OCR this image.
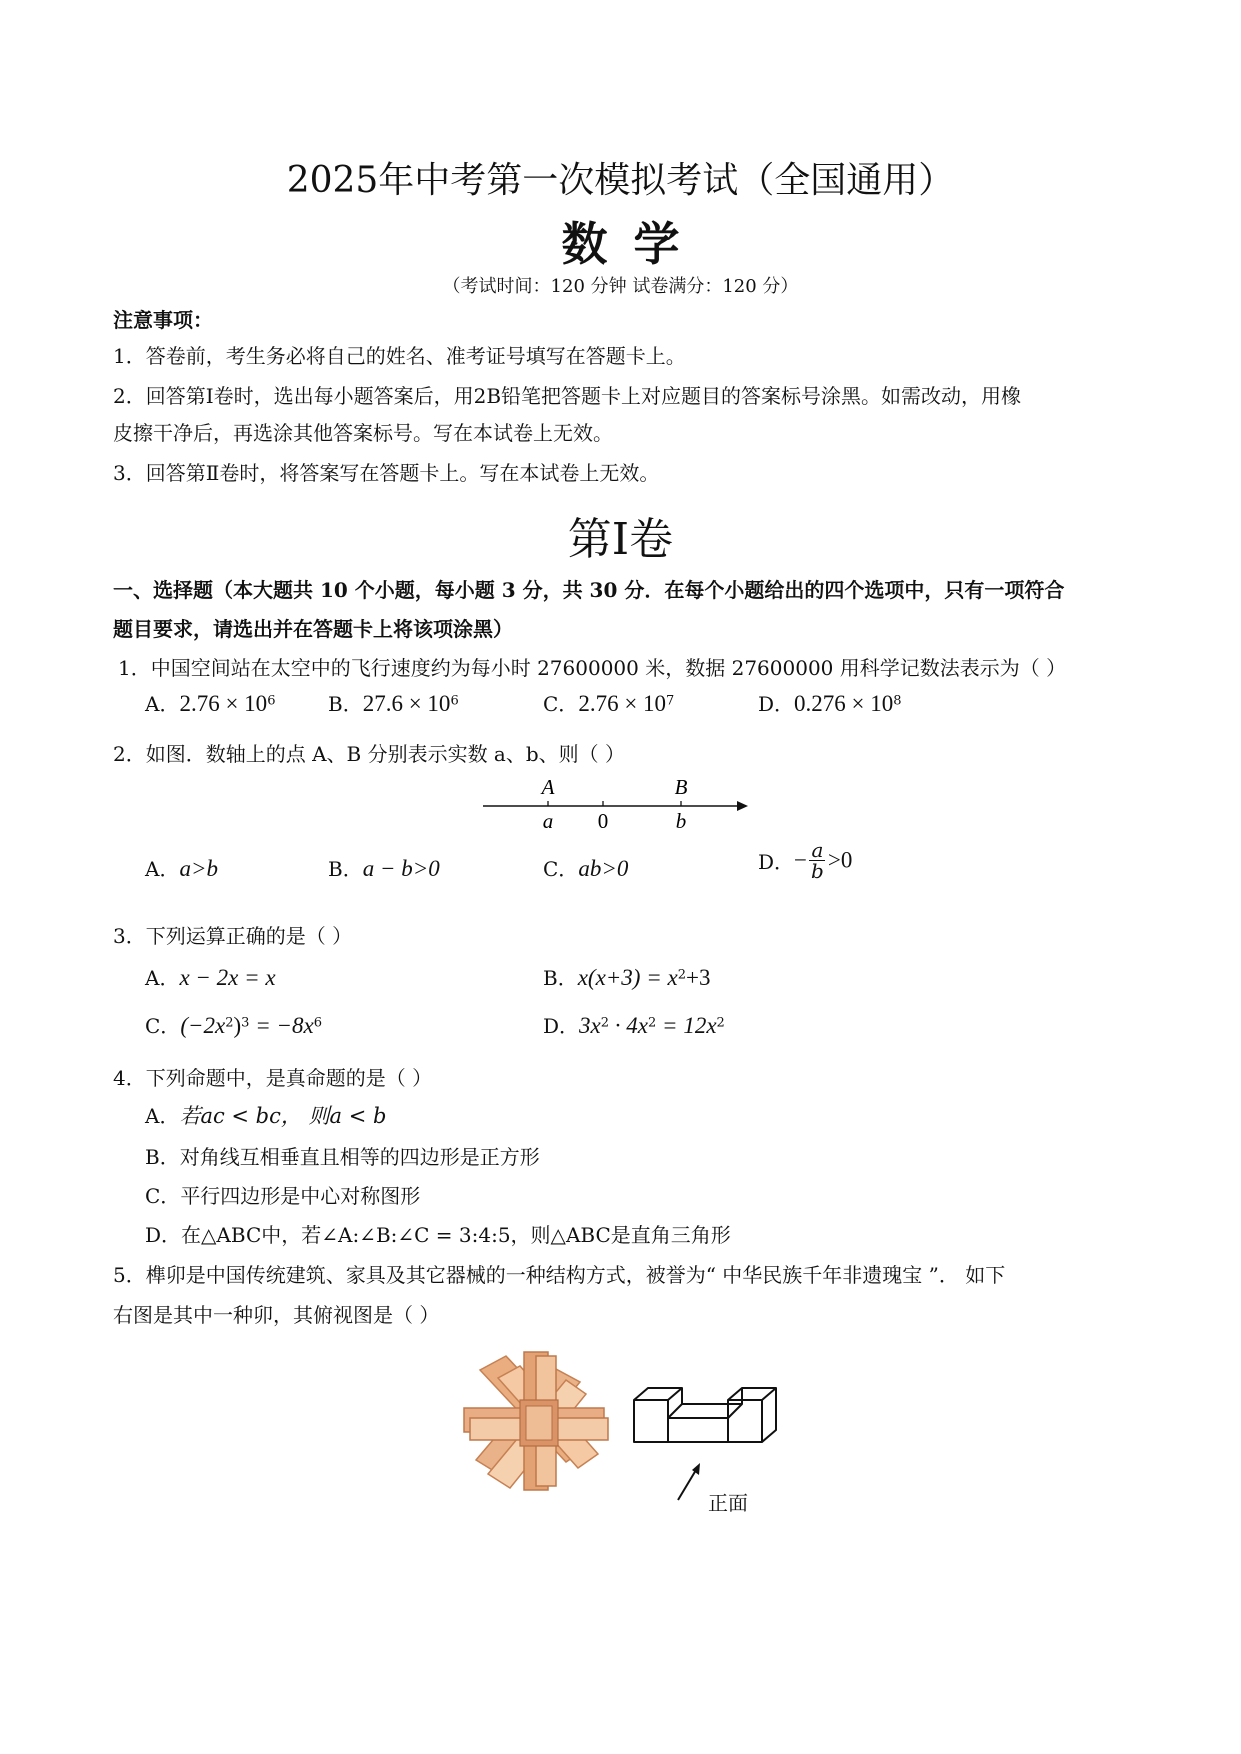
2025年中考第一次模拟考试（全国通用）
数学
（考试时间：120 分钟 试卷满分：120 分）
注意事项：
1．答卷前，考生务必将自己的姓名、准考证号填写在答题卡上。
2．回答第Ⅰ卷时，选出每小题答案后，用2B铅笔把答题卡上对应题目的答案标号涂黑。如需改动，用橡
皮擦干净后，再选涂其他答案标号。写在本试卷上无效。
3．回答第Ⅱ卷时，将答案写在答题卡上。写在本试卷上无效。
第Ⅰ卷
一、选择题（本大题共 10 个小题，每小题 3 分，共 30 分．在每个小题给出的四个选项中，只有一项符合
题目要求，请选出并在答题卡上将该项涂黑）
1．中国空间站在太空中的飞行速度约为每小时 27600000 米，数据 27600000 用科学记数法表示为（ ）
A．$2.76 \times 10^6$	B．$27.6 \times 10^6$	C．$2.76 \times 10^7$	D．$0.276 \times 10^8$
2．如图．数轴上的点 A、B 分别表示实数 a、b、则（ ）
A	B
a 0	b
A．a>b	B．a − b>0	C．ab>0	D．− $\frac{a}{b} >0$
3．下列运算正确的是（ ）
A．x − 2x = x	B．$x(x+3) = x^2+3$
C．$(-2x^2)^3 = -8x^6$	D．$3x^2 \cdot 4x^2 = 12x^2$
4．下列命题中，是真命题的是（ ）
A．若ac < bc， 则a < b
B．对角线互相垂直且相等的四边形是正方形
C．平行四边形是中心对称图形
D．在△ABC中，若∠A:∠B:∠C = 3:4:5，则△ABC是直角三角形
5．榫卯是中国传统建筑、家具及其它器械的一种结构方式，被誉为“ 中华民族千年非遗瑰宝 ”． 如下
右图是其中一种卯，其俯视图是（ ）
正面
